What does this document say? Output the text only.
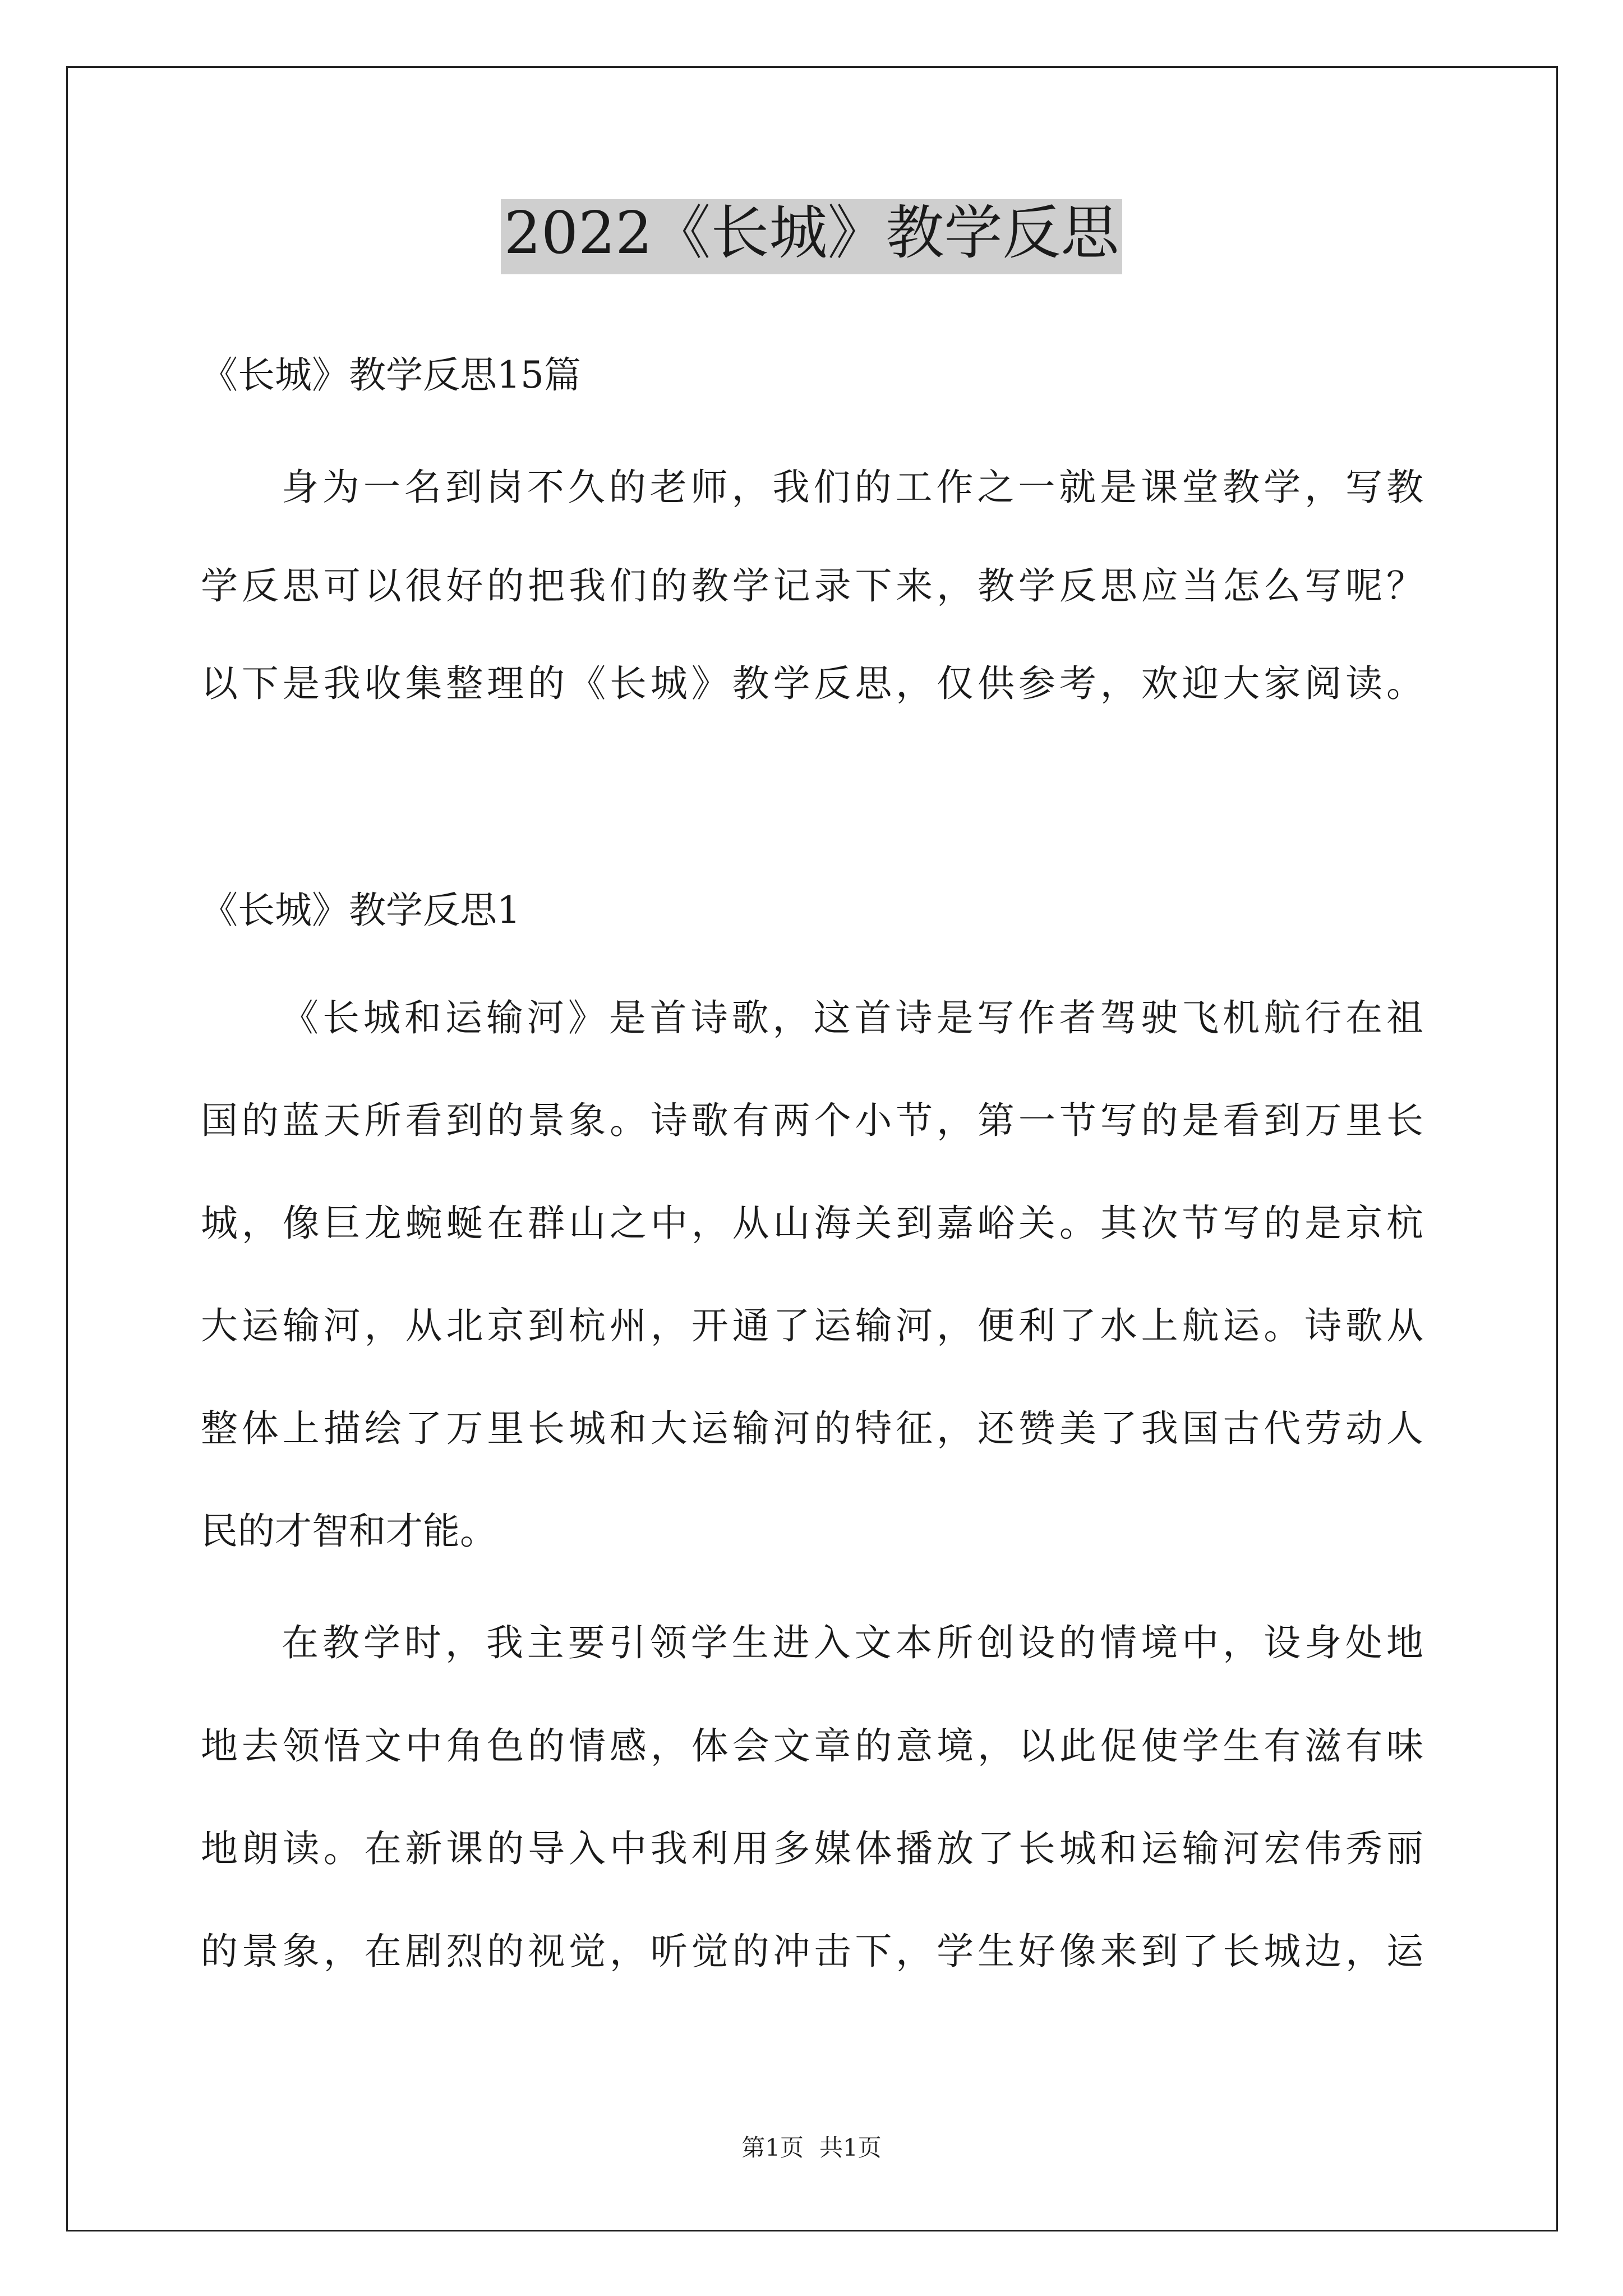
2022《长城》教学反思

《长城》教学反思15篇

身为一名到岗不久的老师，我们的工作之一就是课堂教学，写教

学反思可以很好的把我们的教学记录下来，教学反思应当怎么写呢？

以下是我收集整理的《长城》教学反思，仅供参考，欢迎大家阅读。

《长城》教学反思1

《长城和运输河》是首诗歌，这首诗是写作者驾驶飞机航行在祖

国的蓝天所看到的景象。诗歌有两个小节，第一节写的是看到万里长

城，像巨龙蜿蜒在群山之中，从山海关到嘉峪关。其次节写的是京杭

大运输河，从北京到杭州，开通了运输河，便利了水上航运。诗歌从

整体上描绘了万里长城和大运输河的特征，还赞美了我国古代劳动人

民的才智和才能。

在教学时，我主要引领学生进入文本所创设的情境中，设身处地

地去领悟文中角色的情感，体会文章的意境，以此促使学生有滋有味

地朗读。在新课的导入中我利用多媒体播放了长城和运输河宏伟秀丽

的景象，在剧烈的视觉，听觉的冲击下，学生好像来到了长城边，运

第1页 共1页
